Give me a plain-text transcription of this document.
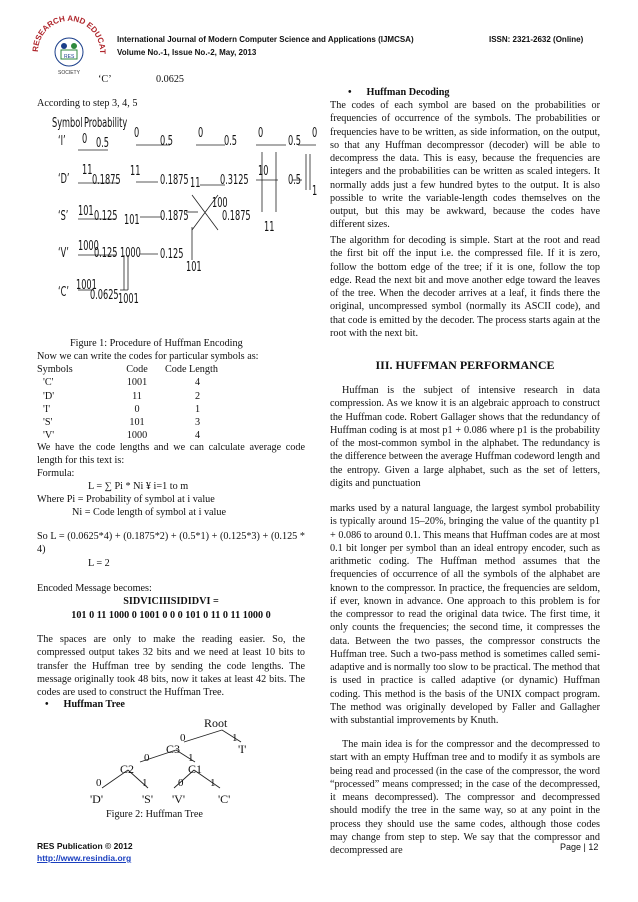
RESEARCH AND EDUCAT
RES
SOCIETY
International Journal of Modern Computer Science and Applications (IJMCSA)	ISSN: 2321-2632 (Online)
Volume No.-1, Issue No.-2, May, 2013
‘C’	0.0625
According to step 3, 4, 5
Symbol Probability
‘I’
‘D’
‘S’
‘V’
‘C’
0 0.5
11
0.1875
101 0.125
1000
0.125
1001
0.0625
0
0.5
11
0.1875
101 0.1875
1000 0.125
1001
100
0
0.5
11 0.3125
10
0.1875
101
11
0
0.5
0
0.5
1
Figure 1: Procedure of Huffman Encoding
Now we can write the codes for particular symbols as:
Symbols	Code	Code Length
'C'	1001	4
'D'	11	2
'I'	0	1
'S'	101	3
'V'	1000	4
We have the code lengths and we can calculate average code length for this text is:
Formula:
L = ∑ Pi * Ni ¥ i=1 to m
Where Pi = Probability of symbol at i value
Ni = Code length of symbol at i value
So L = (0.0625*4) + (0.1875*2) + (0.5*1) + (0.125*3) + (0.125 * 4)
L = 2
Encoded Message becomes:
SIDVICIIISIDIDVI =
101 0 11 1000 0 1001 0 0 0 101 0 11 0 11 1000 0
The spaces are only to make the reading easier. So, the compressed output takes 32 bits and we need at least 10 bits to transfer the Huffman tree by sending the code lengths. The message originally took 48 bits, now it takes at least 42 bits. The codes are used to construct the Huffman Tree.
• Huffman Tree
Root
0	1
C3	'I'
0	1
C2	C1
0	1	0 1
'D'	'S' 'V'	'C'
Figure 2: Huffman Tree
• Huffman Decoding
The codes of each symbol are based on the probabilities or frequencies of occurrence of the symbols. The probabilities or frequencies have to be written, as side information, on the output, so that any Huffman decompressor (decoder) will be able to decompress the data. This is easy, because the frequencies are integers and the probabilities can be written as scaled integers. It normally adds just a few hundred bytes to the output. It is also possible to write the variable-length codes themselves on the output, but this may be awkward, because the codes have different sizes.
The algorithm for decoding is simple. Start at the root and read the first bit off the input i.e. the compressed file. If it is zero, follow the bottom edge of the tree; if it is one, follow the top edge. Read the next bit and move another edge toward the leaves of the tree. When the decoder arrives at a leaf, it finds there the original, uncompressed symbol (normally its ASCII code), and that code is emitted by the decoder. The process starts again at the root with the next bit.
III. HUFFMAN PERFORMANCE
Huffman is the subject of intensive research in data compression. As we know it is an algebraic approach to construct the Huffman code. Robert Gallager shows that the redundancy of Huffman coding is at most p1 + 0.086 where p1 is the probability of the most-common symbol in the alphabet. The redundancy is the difference between the average Huffman codeword length and the entropy. Given a large alphabet, such as the set of letters, digits and punctuation
marks used by a natural language, the largest symbol probability is typically around 15–20%, bringing the value of the quantity p1 + 0.086 to around 0.1. This means that Huffman codes are at most 0.1 bit longer per symbol than an ideal entropy encoder, such as arithmetic coding. The Huffman method assumes that the frequencies of occurrence of all the symbols of the alphabet are known to the compressor. In practice, the frequencies are seldom, if ever, known in advance. One approach to this problem is for the compressor to read the original data twice. The first time, it only counts the frequencies; the second time, it compresses the data. Between the two passes, the compressor constructs the Huffman tree. Such a two-pass method is sometimes called semi-adaptive and is normally too slow to be practical. The method that is used in practice is called adaptive (or dynamic) Huffman coding. This method is the basis of the UNIX compact program. The method was originally developed by Faller and Gallagher with substantial improvements by Knuth.
The main idea is for the compressor and the decompressed to start with an empty Huffman tree and to modify it as symbols are being read and processed (in the case of the compressor, the word “processed” means compressed; in the case of the decompressed, it means decompressed). The compressor and decompressed should modify the tree in the same way, so at any point in the process they should use the same codes, although those codes may change from step to step. We say that the compressor and decompressed are
RES Publication © 2012
http://www.resindia.org
Page | 12
